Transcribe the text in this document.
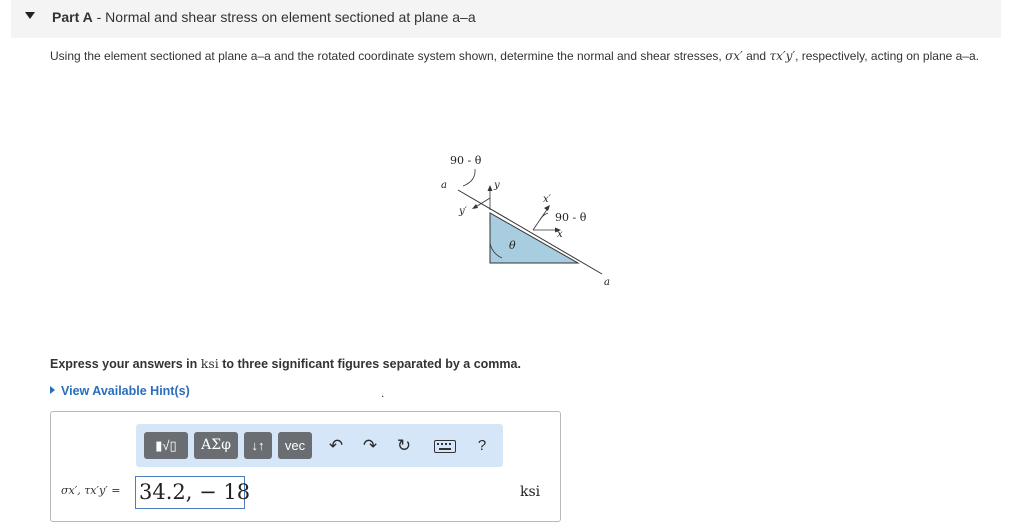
Part A - Normal and shear stress on element sectioned at plane a–a
Using the element sectioned at plane a–a and the rotated coordinate system shown, determine the normal and shear stresses, σx′ and τx′y′, respectively, acting on plane a–a.
θ
90 - θ
a
a
y
y′
x′
x
90 - θ
Express your answers in ksi to three significant figures separated by a comma.
View Available Hint(s)	.
▮√▯	ΑΣφ	↓↑	vec	↶ ↷ ↻	?
σx′, τx′y′ = 34.2, − 18	ksi
